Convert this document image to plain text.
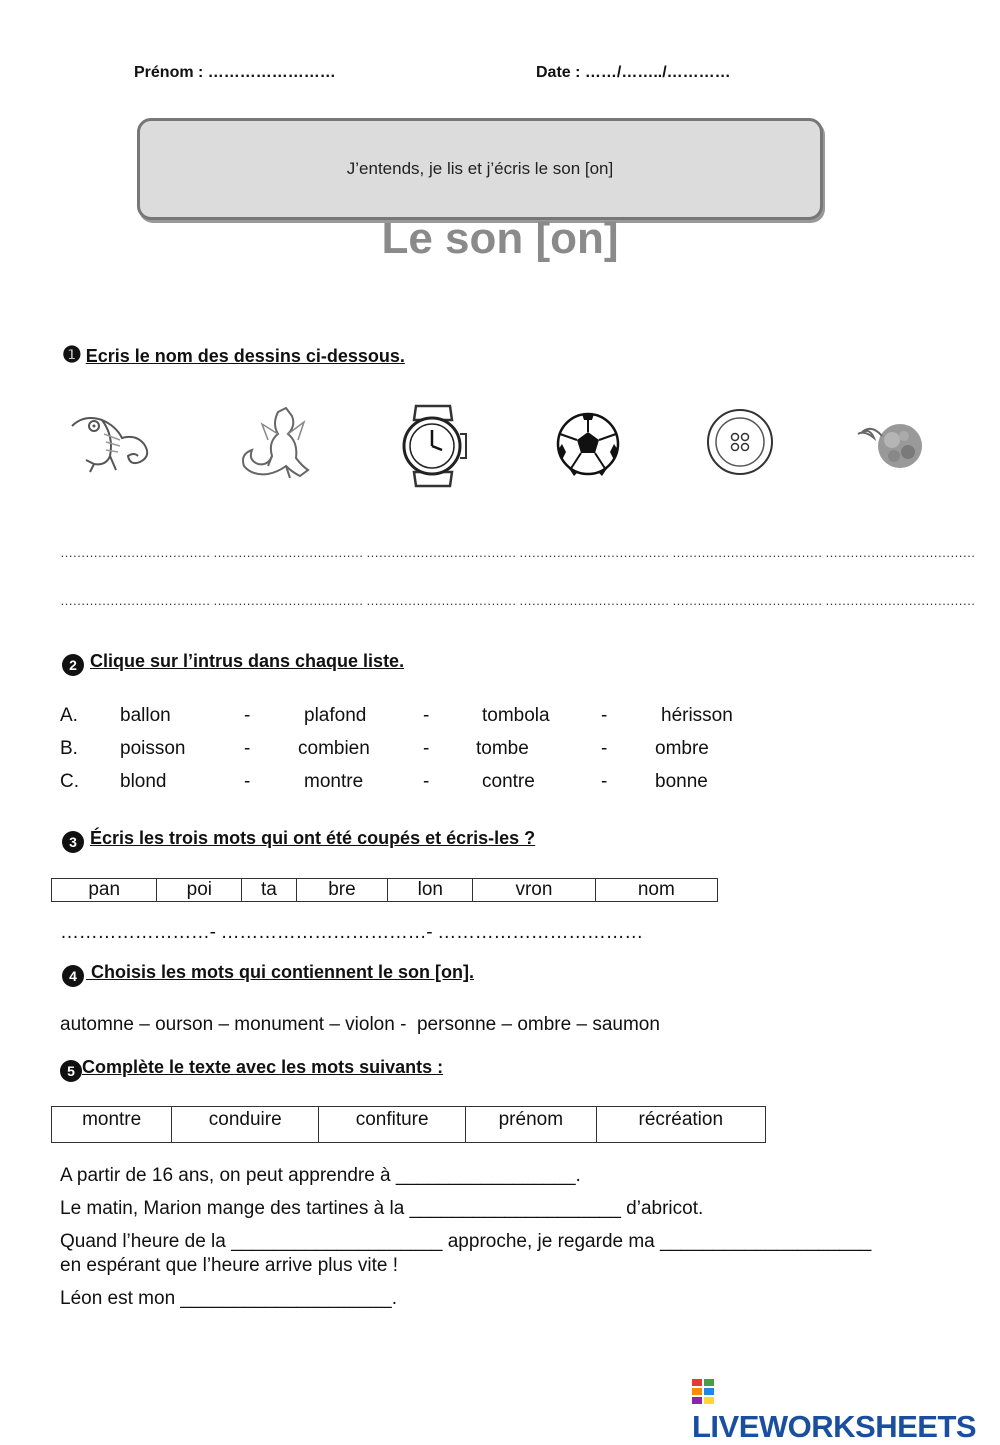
Prénom : ……………………	Date : ……/……../…………
J’entends, je lis et j’écris le son [on]
Le son [on]
❶ Ecris le nom des dessins ci-dessous.
……………………………… ……………………………… ……………………………… ……………………………… ……………………………… ………………………………
……………………………… ……………………………… ……………………………… ……………………………… ……………………………… ………………………………
2 Clique sur l’intrus dans chaque liste.
A. ballon	-	plafond	-	tombola	-	hérisson
B. poisson	-	combien	- tombe	-	ombre
C. blond	-	montre	-	contre	-	bonne
3 Écris les trois mots qui ont été coupés et écris-les ?
pan	poi	ta	bre	lon	vron	nom
……………………- ……………………………- ……………………………
4 Choisis les mots qui contiennent le son [on].
automne – ourson – monument – violon -  personne – ombre – saumon
5 Complète le texte avec les mots suivants :
montre	conduire	confiture	prénom	récréation
A partir de 16 ans, on peut apprendre à _________________.
Le matin, Marion mange des tartines à la ____________________ d’abricot.
Quand l’heure de la ____________________ approche, je regarde ma ____________________
en espérant que l’heure arrive plus vite !
Léon est mon ____________________.
LIVEWORKSHEETS
